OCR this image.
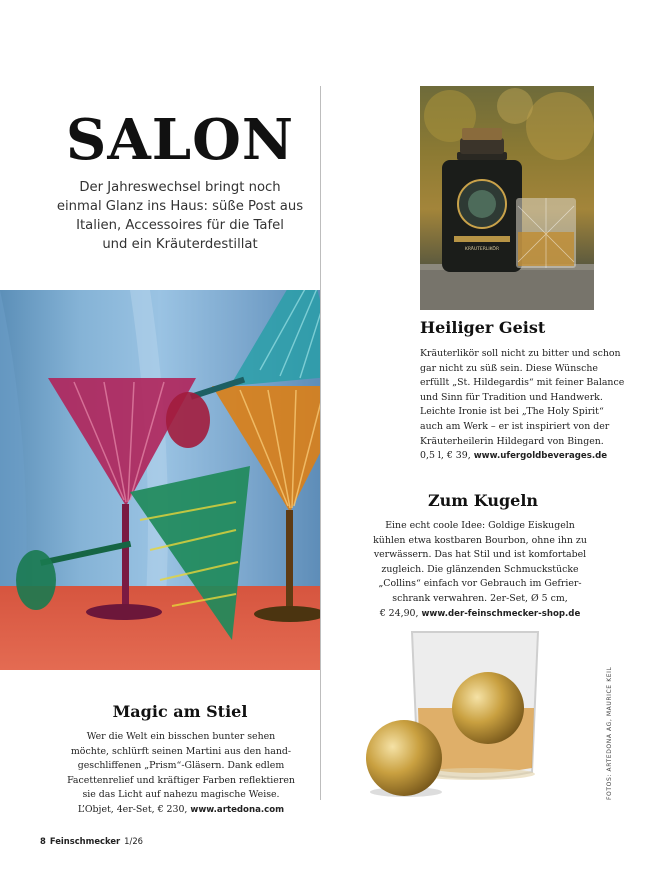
SALON
Der Jahreswechsel bringt noch
einmal Glanz ins Haus: süße Post aus
Italien, Accessoires für die Tafel
und ein Kräuterdestillat	KRÄUTERLIKÖR
Heiliger Geist
Kräuterlikör soll nicht zu bitter und schon
gar nicht zu süß sein. Diese Wünsche
erfüllt „St. Hildegardis“ mit feiner Balance
und Sinn für Tradition und Handwerk.
Leichte Ironie ist bei „The Holy Spirit“
auch am Werk – er ist inspiriert von der
Kräuterheilerin Hildegard von Bingen.
0,5 l, € 39, www.ufergoldbeverages.de
Zum Kugeln
Eine echt coole Idee: Goldige Eiskugeln
kühlen etwa kostbaren Bourbon, ohne ihn zu
verwässern. Das hat Stil und ist komfortabel
zugleich. Die glänzenden Schmuckstücke
„Collins“ einfach vor Gebrauch im Gefrier-
schrank verwahren. 2er-Set, Ø 5 cm,
€ 24,90, www.der-feinschmecker-shop.de
Magic am Stiel
Wer die Welt ein bisschen bunter sehen
möchte, schlürft seinen Martini aus den hand-
geschliffenen „Prism“-Gläsern. Dank edlem
Facettenrelief und kräftiger Farben reflektieren
sie das Licht auf nahezu magische Weise.
L’Objet, 4er-Set, € 230, www.artedona.com
FOTOS: ARTEDONA AG, MAURICE KEIL
8 Feinschmecker 1/26
